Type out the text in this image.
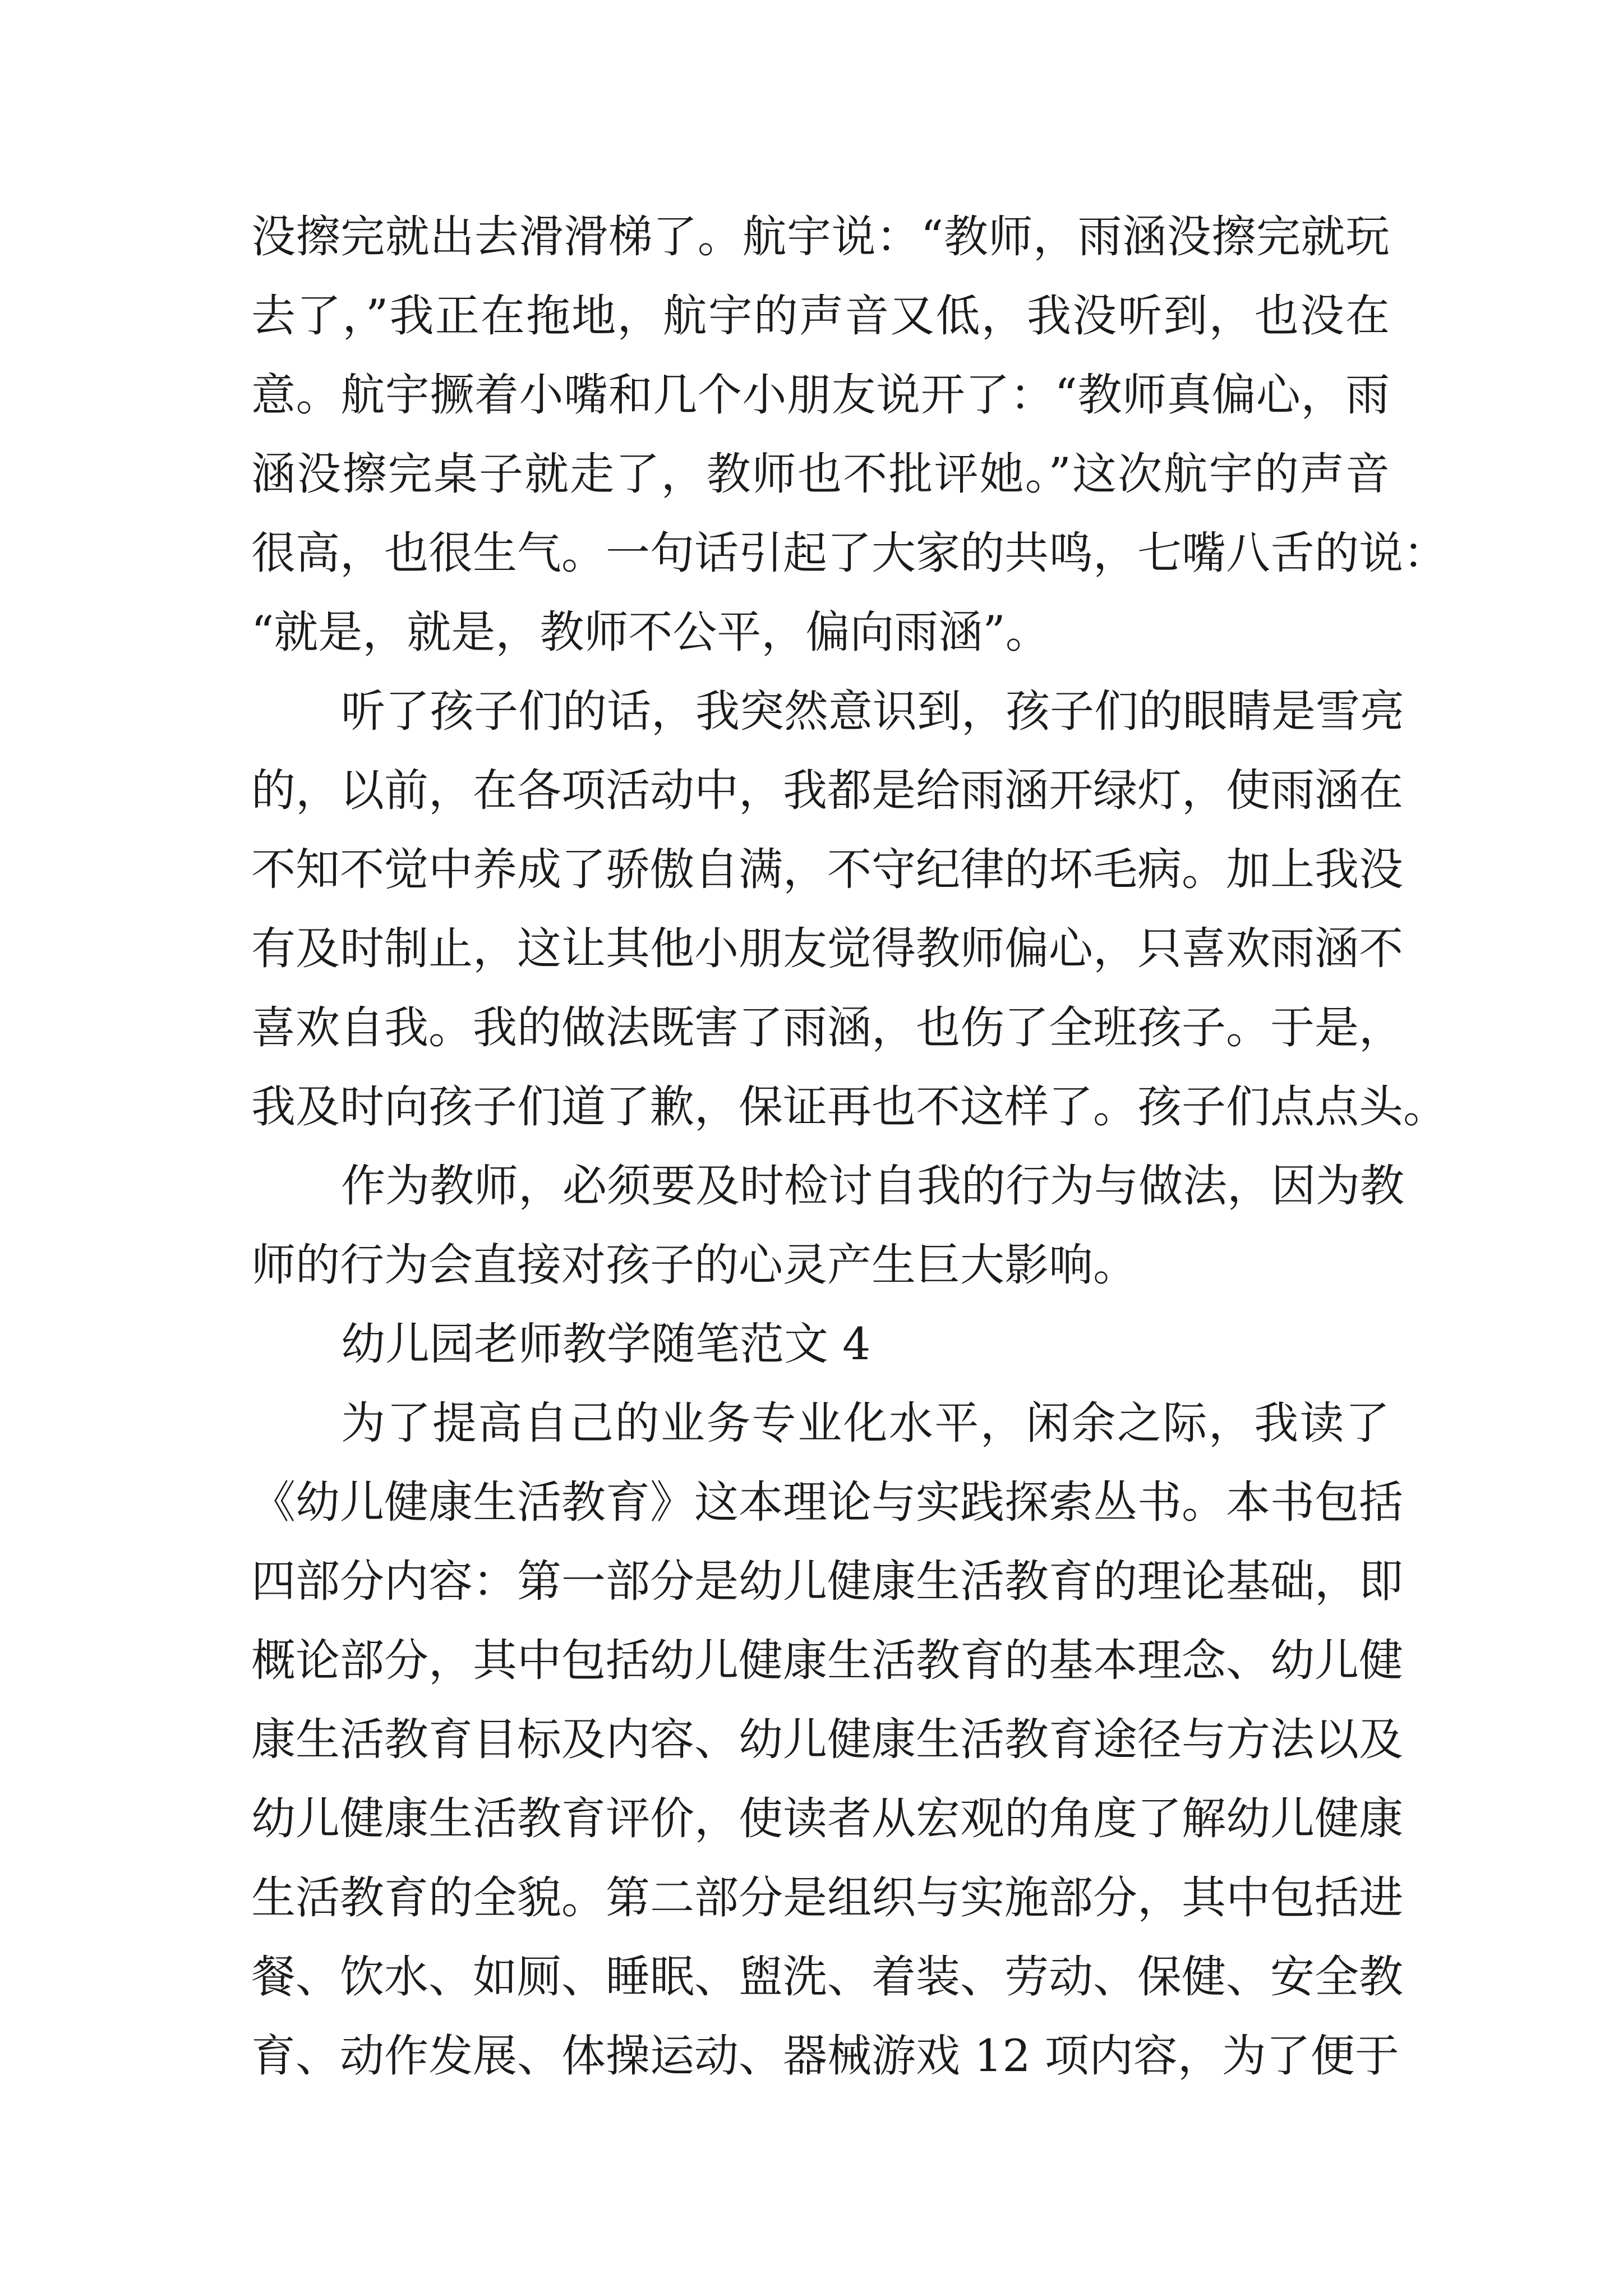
没擦完就出去滑滑梯了。航宇说：“教师，雨涵没擦完就玩
去了，”我正在拖地，航宇的声音又低，我没听到，也没在
意。航宇撅着小嘴和几个小朋友说开了：“教师真偏心，雨
涵没擦完桌子就走了，教师也不批评她。”这次航宇的声音
很高，也很生气。一句话引起了大家的共鸣，七嘴八舌的说：
“就是，就是，教师不公平，偏向雨涵”。
听了孩子们的话，我突然意识到，孩子们的眼睛是雪亮
的，以前，在各项活动中，我都是给雨涵开绿灯，使雨涵在
不知不觉中养成了骄傲自满，不守纪律的坏毛病。加上我没
有及时制止，这让其他小朋友觉得教师偏心，只喜欢雨涵不
喜欢自我。我的做法既害了雨涵，也伤了全班孩子。于是，
我及时向孩子们道了歉，保证再也不这样了。孩子们点点头。
作为教师，必须要及时检讨自我的行为与做法，因为教
师的行为会直接对孩子的心灵产生巨大影响。
幼儿园老师教学随笔范文 4
为了提高自己的业务专业化水平，闲余之际，我读了
《幼儿健康生活教育》这本理论与实践探索丛书。本书包括
四部分内容：第一部分是幼儿健康生活教育的理论基础，即
概论部分，其中包括幼儿健康生活教育的基本理念、幼儿健
康生活教育目标及内容、幼儿健康生活教育途径与方法以及
幼儿健康生活教育评价，使读者从宏观的角度了解幼儿健康
生活教育的全貌。第二部分是组织与实施部分，其中包括进
餐、饮水、如厕、睡眠、盥洗、着装、劳动、保健、安全教
育、动作发展、体操运动、器械游戏 12 项内容，为了便于
